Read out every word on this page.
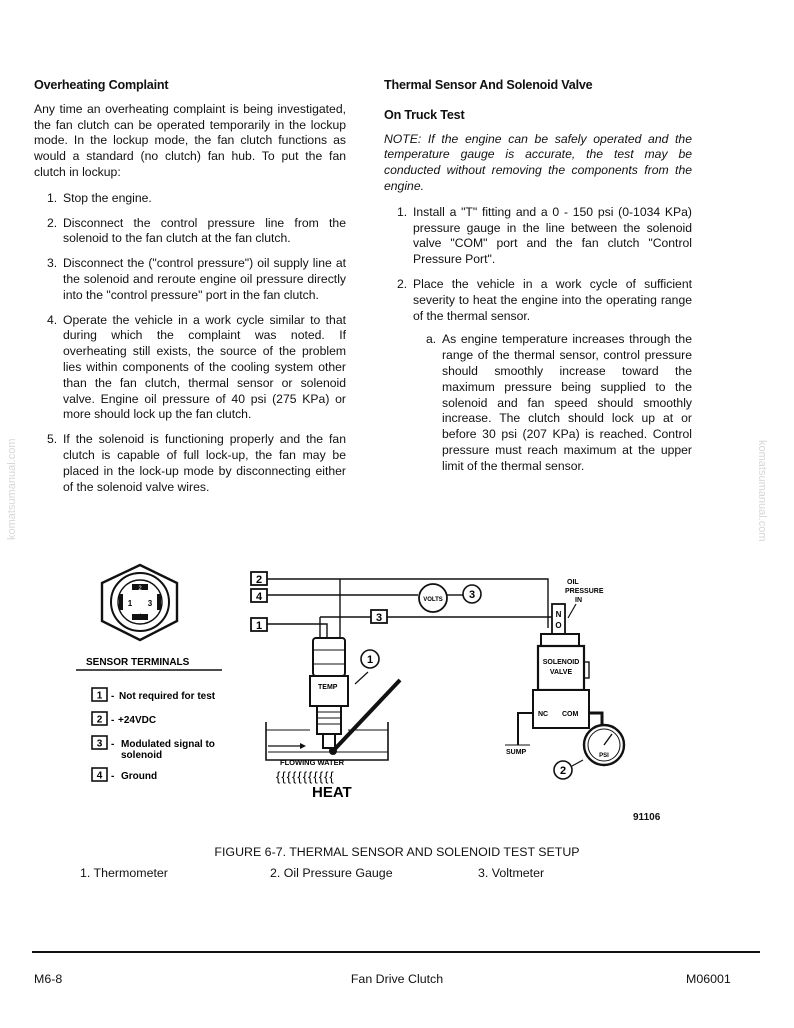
komatsumanual.com	komatsumanual.com
Overheating Complaint

Any time an overheating complaint is being investigated, the fan clutch can be operated temporarily in the lockup mode. In the lockup mode, the fan clutch functions as would a standard (no clutch) fan hub. To put the fan clutch in lockup:

1. Stop the engine.
2. Disconnect the control pressure line from the solenoid to the fan clutch at the fan clutch.
3. Disconnect the ("control pressure") oil supply line at the solenoid and reroute engine oil pressure directly into the "control pressure" port in the fan clutch.
4. Operate the vehicle in a work cycle similar to that during which the complaint was noted. If overheating still exists, the source of the problem lies within components of the cooling system other than the fan clutch, thermal sensor or solenoid valve. Engine oil pressure of 40 psi (275 KPa) or more should lock up the fan clutch.
5. If the solenoid is functioning properly and the fan clutch is capable of full lock-up, the fan may be placed in the lock-up mode by disconnecting either of the solenoid valve wires.
Thermal Sensor And Solenoid Valve
On Truck Test

NOTE: If the engine can be safely operated and the temperature gauge is accurate, the test may be conducted without removing the components from the engine.

1. Install a "T" fitting and a 0 - 150 psi (0-1034 KPa) pressure gauge in the line between the solenoid valve "COM" port and the fan clutch "Control Pressure Port".
2. Place the vehicle in a work cycle of sufficient severity to heat the engine into the operating range of the thermal sensor.
a. As engine temperature increases through the range of the thermal sensor, control pressure should smoothly increase toward the maximum pressure being supplied to the solenoid and fan speed should smoothly increase. The clutch should lock up at or before 30 psi (207 KPa) is reached. Control pressure must reach maximum at the upper limit of the thermal sensor.
2
1 3
4
SENSOR TERMINALS
1 - Not required for test
2 - +24VDC
3 - Modulated signal to
solenoid
4 - Ground
2
4
1
3
VOLTS 3
TEMP
1
FLOWING WATER
{{{{{{{{{{{
HEAT
OIL
PRESSURE
IN
N
O
SOLENOID
VALVE
NC COM
SUMP	PSI
2
91106
FIGURE 6-7. THERMAL SENSOR AND SOLENOID TEST SETUP
1. Thermometer	2. Oil Pressure Gauge	3. Voltmeter
M6-8	Fan Drive Clutch	M06001
